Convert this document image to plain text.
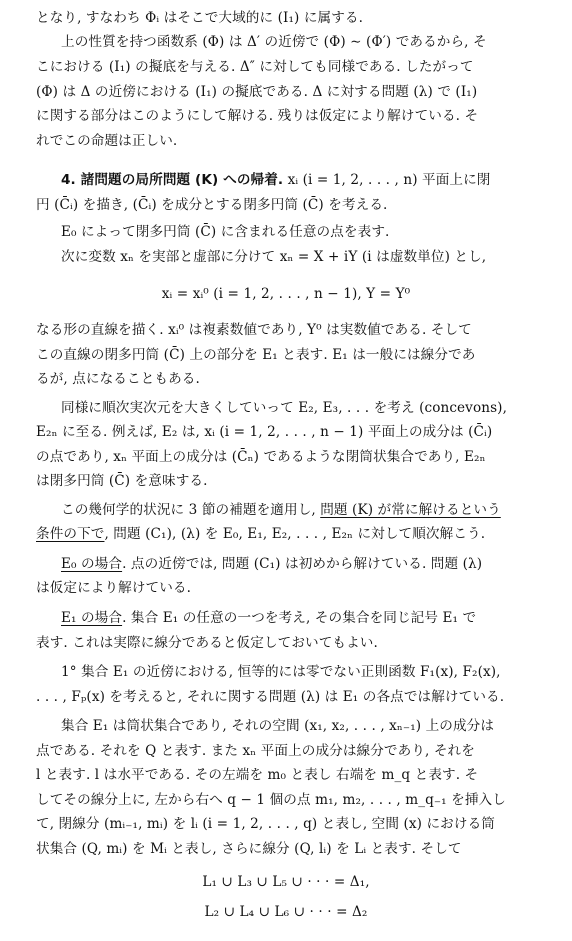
となり, すなわち Φᵢ はそこで大域的に (I₁) に属する.
上の性質を持つ函数系 (Φ) は Δ′ の近傍で (Φ) ∼ (Φ′) であるから, そ
こにおける (I₁) の擬底を与える. Δ″ に対しても同様である. したがって
(Φ) は Δ の近傍における (I₁) の擬底である. Δ に対する問題 (λ) で (I₁)
に関する部分はこのようにして解ける. 残りは仮定により解けている. そ
れでこの命題は正しい.
4. 諸問題の局所問題 (K) への帰着. xᵢ (i = 1, 2, . . . , n) 平面上に閉
円 (C̄ᵢ) を描き, (C̄ᵢ) を成分とする閉多円筒 (C̄) を考える.
E₀ によって閉多円筒 (C̄) に含まれる任意の点を表す.
次に変数 xₙ を実部と虚部に分けて xₙ = X + iY (i は虚数単位) とし,
xᵢ = xᵢ⁰ (i = 1, 2, . . . , n − 1), Y = Y⁰
なる形の直線を描く. xᵢ⁰ は複素数値であり, Y⁰ は実数値である. そして
この直線の閉多円筒 (C̄) 上の部分を E₁ と表す. E₁ は一般には線分であ
るが, 点になることもある.
同様に順次実次元を大きくしていって E₂, E₃, . . . を考え (concevons),
E₂ₙ に至る. 例えば, E₂ は, xᵢ (i = 1, 2, . . . , n − 1) 平面上の成分は (C̄ᵢ)
の点であり, xₙ 平面上の成分は (C̄ₙ) であるような閉筒状集合であり, E₂ₙ
は閉多円筒 (C̄) を意味する.
この幾何学的状況に 3 節の補題を適用し, 問題 (K) が常に解けるという
条件の下で, 問題 (C₁), (λ) を E₀, E₁, E₂, . . . , E₂ₙ に対して順次解こう.
E₀ の場合. 点の近傍では, 問題 (C₁) は初めから解けている. 問題 (λ)
は仮定により解けている.
E₁ の場合. 集合 E₁ の任意の一つを考え, その集合を同じ記号 E₁ で
表す. これは実際に線分であると仮定しておいてもよい.
1° 集合 E₁ の近傍における, 恒等的には零でない正則函数 F₁(x), F₂(x),
. . . , Fₚ(x) を考えると, それに関する問題 (λ) は E₁ の各点では解けている.
集合 E₁ は筒状集合であり, それの空間 (x₁, x₂, . . . , xₙ₋₁) 上の成分は
点である. それを Q と表す. また xₙ 平面上の成分は線分であり, それを
l と表す. l は水平である. その左端を m₀ と表し 右端を m_q と表す. そ
してその線分上に, 左から右へ q − 1 個の点 m₁, m₂, . . . , m_q₋₁ を挿入し
て, 閉線分 (mᵢ₋₁, mᵢ) を lᵢ (i = 1, 2, . . . , q) と表し, 空間 (x) における筒
状集合 (Q, mᵢ) を Mᵢ と表し, さらに線分 (Q, lᵢ) を Lᵢ と表す. そして
L₁ ∪ L₃ ∪ L₅ ∪ · · · = Δ₁,
L₂ ∪ L₄ ∪ L₆ ∪ · · · = Δ₂
